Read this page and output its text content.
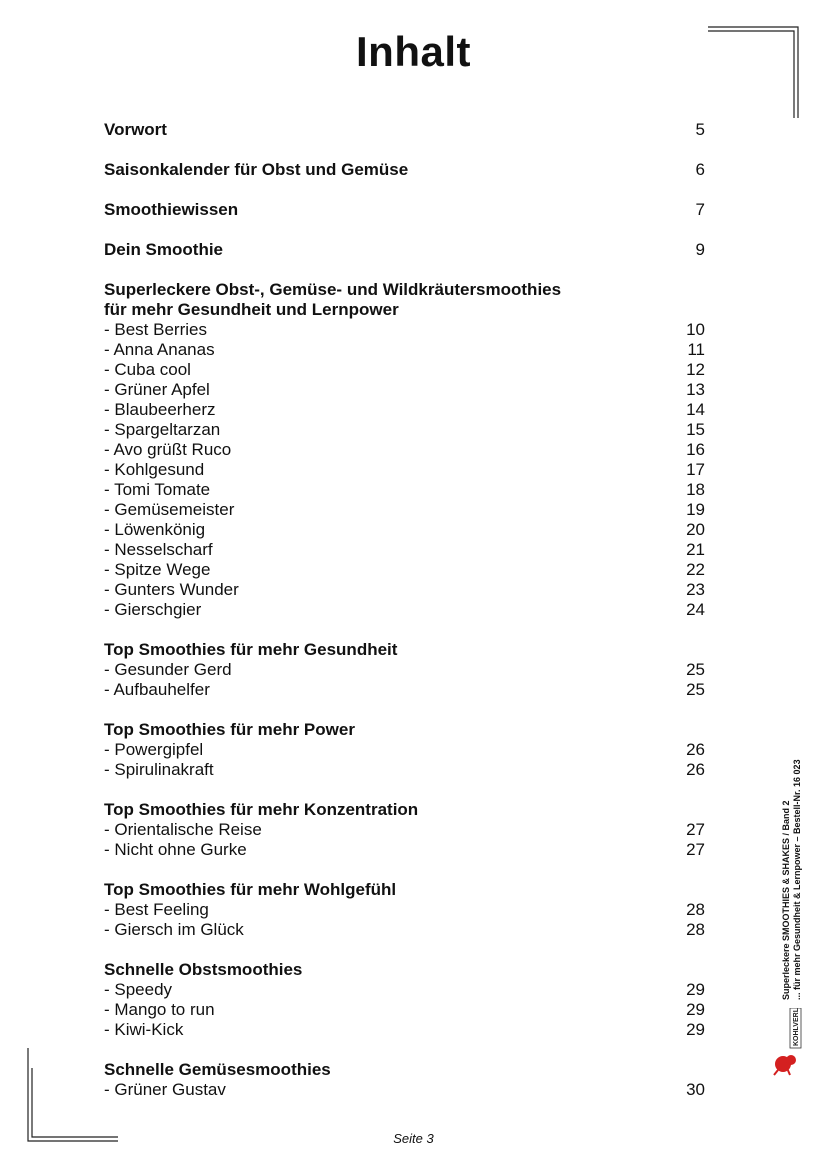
Inhalt
Vorwort	5
Saisonkalender für Obst und Gemüse	6
Smoothiewissen	7
Dein Smoothie	9
Superleckere Obst-, Gemüse- und Wildkräutersmoothies
für mehr Gesundheit und Lernpower
- Best Berries	10
- Anna Ananas	11
- Cuba cool	12
- Grüner Apfel	13
- Blaubeerherz	14
- Spargeltarzan	15
- Avo grüßt Ruco	16
- Kohlgesund	17
- Tomi Tomate	18
- Gemüsemeister	19
- Löwenkönig	20
- Nesselscharf	21
- Spitze Wege	22
- Gunters Wunder	23
- Gierschgier	24
Top Smoothies für mehr Gesundheit
- Gesunder Gerd	25
- Aufbauhelfer	25
Top Smoothies für mehr Power
- Powergipfel	26
- Spirulinakraft	26
Top Smoothies für mehr Konzentration
- Orientalische Reise	27
- Nicht ohne Gurke	27
Top Smoothies für mehr Wohlgefühl
- Best Feeling	28
- Giersch im Glück	28
Schnelle Obstsmoothies
- Speedy	29
- Mango to run	29
- Kiwi-Kick	29
Schnelle Gemüsesmoothies
- Grüner Gustav	30
Superleckere SMOOTHIES & SHAKES / Band 2 ... für mehr Gesundheit & Lernpower – Bestell-Nr. 16 023
KOHLVERLAG
Seite 3
